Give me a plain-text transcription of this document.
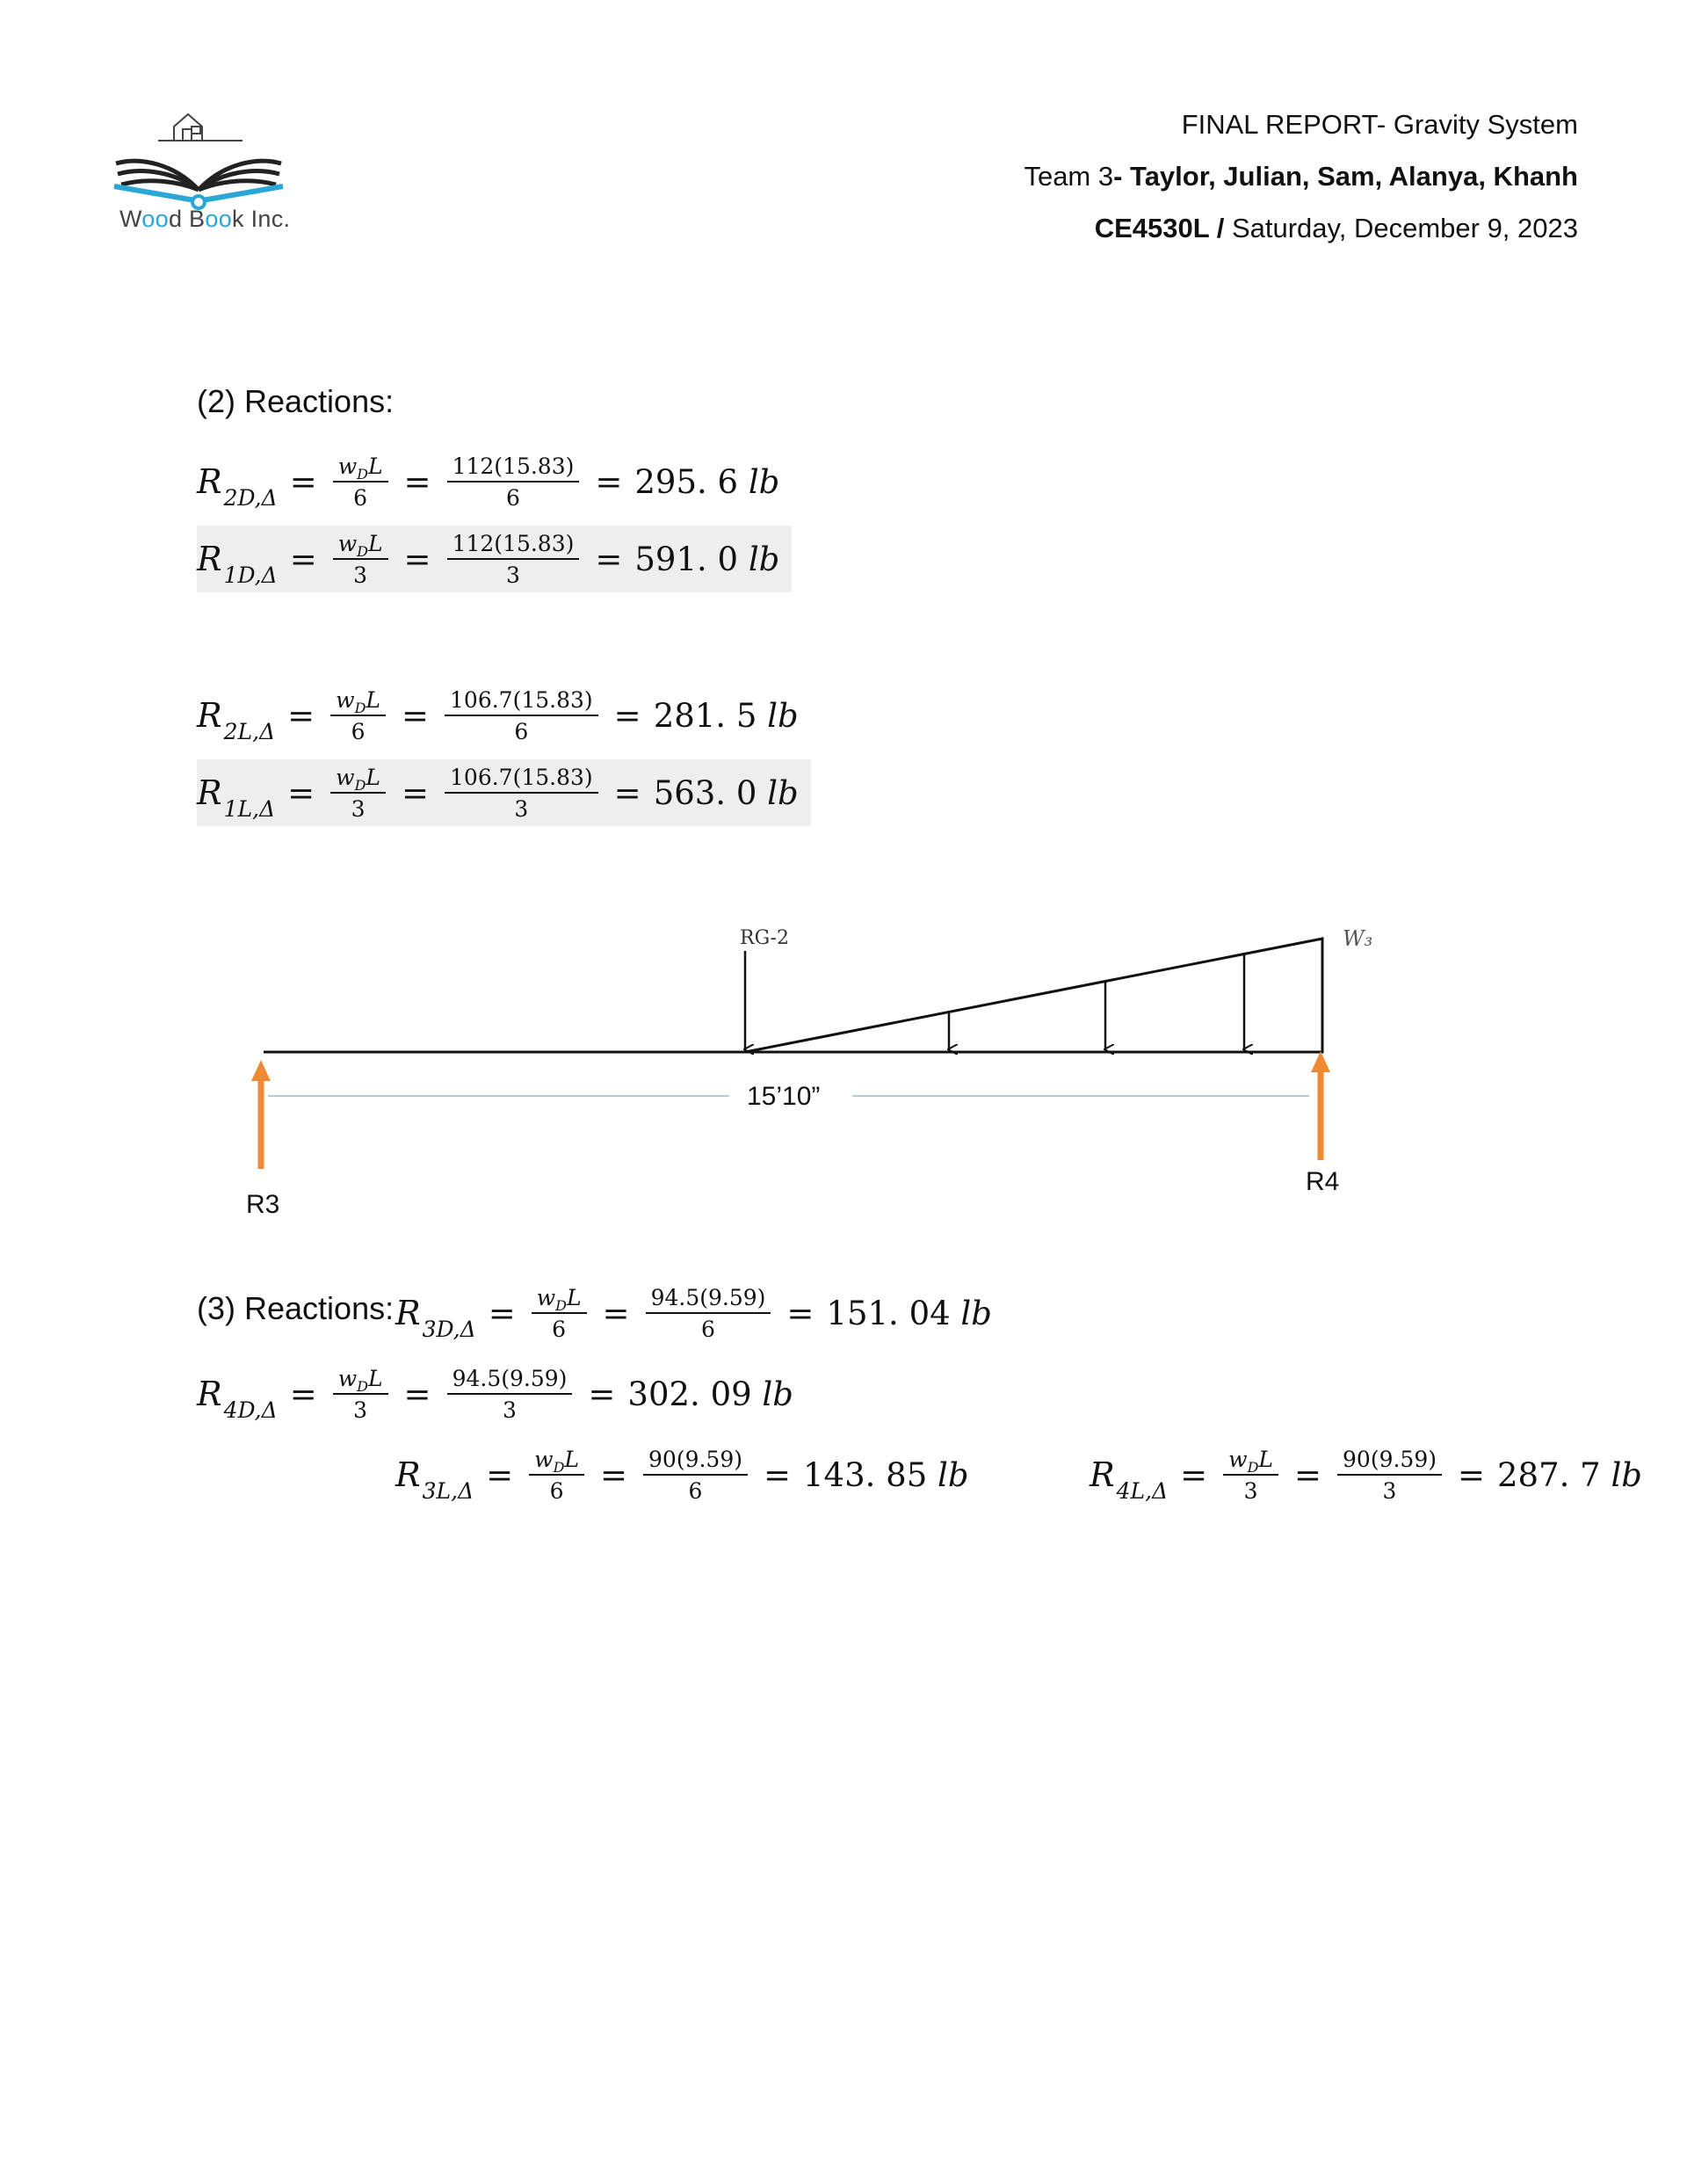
Wood Book Inc.
FINAL REPORT- Gravity System
Team 3- Taylor, Julian, Sam, Alanya, Khanh
CE4530L / Saturday, December 9, 2023
(2) Reactions:
R $2D,\Delta = \frac{w_DL}{6} = \frac{112(15.83)}{6} = 295$. 6 lb
R $1D,\Delta = \frac{w_DL}{3} = \frac{112(15.83)}{3} = 591$. 0 lb
R $2L,\Delta = \frac{w_DL}{6} = \frac{106.7(15.83)}{6} = 281$. 5 lb
R $1L,\Delta = \frac{w_DL}{3} = \frac{106.7(15.83)}{3} = 563$. 0 lb
RG-2	W₃
15’10”
R3
R4
(3) Reactions: R $3D,\Delta = \frac{w_DL}{6} = \frac{94.5(9.59)}{6} = 151$. 04 lb
R $4D,\Delta = \frac{w_DL}{3} = \frac{94.5(9.59)}{3} = 302$. 09 lb
R $3L,\Delta = \frac{w_DL}{6} = \frac{90(9.59)}{6} = 143$. 85 lb	R $4L,\Delta = \frac{w_DL}{3} = \frac{90(9.59)}{3} = 287$. 7 lb
